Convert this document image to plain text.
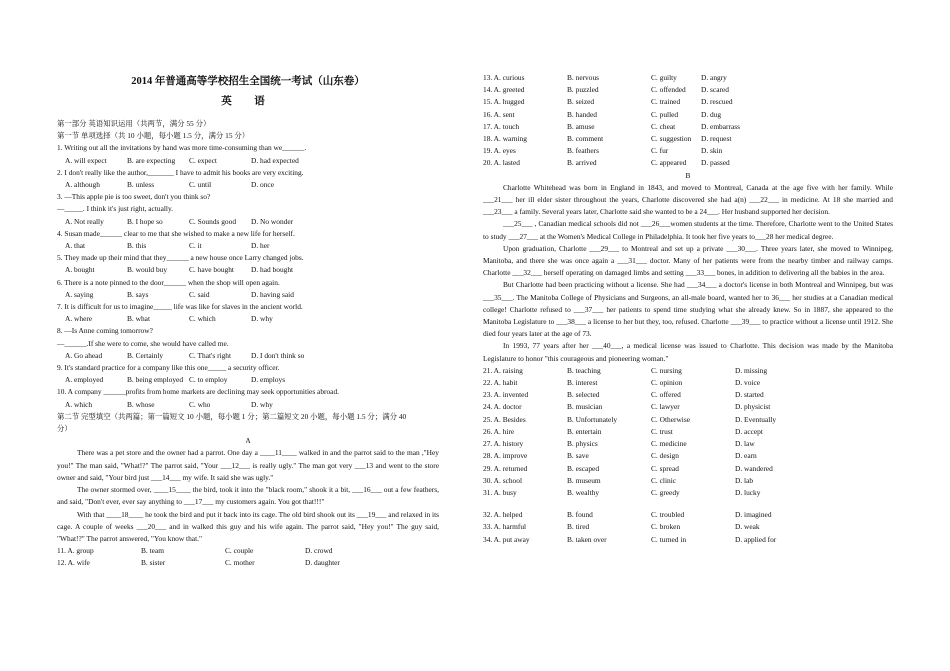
2014 年普通高等学校招生全国统一考试（山东卷）
英 语
第一部分 英语知识运用（共两节，满分 55 分）
第一节 单项选择（共 10 小题，每小题 1.5 分，满分 15 分）
1. Writing out all the invitations by hand was more time-consuming than we______.
A. will expect	B. are expecting	C. expect	D. had expected
2. I don't really like the author,_______ I have to admit his books are very exciting.
A. although	B. unless	C. until	D. once
3. —This apple pie is too sweet, don't you think so?
—_____. I think it's just right, actually.
A. Not really	B. I hope so	C. Sounds good	D. No wonder
4. Susan made______ clear to me that she wished to make a new life for herself.
A. that	B. this	C. it	D. her
5. They made up their mind that they______ a new house once Larry changed jobs.
A. bought	B. would buy	C. have bought	D. had bought
6. There is a note pinned to the door______ when the shop will open again.
A. saying	B. says	C. said	D. having said
7. It is difficult for us to imagine_____ life was like for slaves in the ancient world.
A. where	B. what	C. which	D. why
8. —Is Anne coming tomorrow?
—______.If she were to come, she would have called me.
A. Go ahead	B. Certainly	C. That's right	D. I don't think so
9. It's standard practice for a company like this one_____ a security officer.
A. employed	B. being employed C. to employ	D. employs
10. A company ______profits from home markets are declining may seek opportunities abroad.
A. which	B. whose	C. who	D. why
第二节 完型填空（共两篇；第一篇短文 10 小题，每小题 1 分；第二篇短文 20 小题，每小题 1.5 分；满分 40
分）
A
There was a pet store and the owner had a parrot. One day a ____11____ walked in and the parrot said to the man ,"Hey you!" The man said, "What!?" The parrot said, "Your ___12___ is really ugly." The man got very ___13 and went to the store owner and said, "Your bird just ___14___ my wife. It said she was ugly."
The owner stormed over, ____15____ the bird, took it into the "black room," shook it a bit, ___16___ out a few feathers, and said, "Don't ever, ever say anything to ___17___ my customers again. You got that!!!"
With that ____18____ he took the bird and put it back into its cage. The old bird shook out its ___19___ and relaxed in its cage. A couple of weeks ___20___ and in walked this guy and his wife again. The parrot said, "Hey you!" The guy said, "What!?" The parrot answered, "You know that."
11. A. group	B. team	C. couple	D. crowd
12. A. wife	B. sister	C. mother	D. daughter
13. A. curious	B. nervous	C. guilty	D. angry
14. A. greeted	B. puzzled	C. offended	D. scared
15. A. hugged	B. seized	C. trained	D. rescued
16. A. sent	B. handed	C. pulled	D. dug
17. A. touch	B. amuse	C. cheat	D. embarrass
18. A. warning	B. comment	C. suggestion	D. request
19. A. eyes	B. feathers	C. fur	D. skin
20. A. lasted	B. arrived	C. appeared	D. passed
B
Charlotte Whitehead was born in England in 1843, and moved to Montreal, Canada at the age five with her family. While ___21___ her ill elder sister throughout the years, Charlotte discovered she had a(n) ___22___ in medicine. At 18 she married and ___23___ a family. Several years later, Charlotte said she wanted to be a 24___. Her husband supported her decision.
___25___ , Canadian medical schools did not ___26___women students at the time. Therefore, Charlotte went to the United States to study ___27___ at the Women's Medical College in Philadelphia. It took her five years to___28 her medical degree.
Upon graduation, Charlotte ___29___ to Montreal and set up a private ___30___. Three years later, she moved to Winnipeg, Manitoba, and there she was once again a ___31___ doctor. Many of her patients were from the nearby timber and railway camps. Charlotte ___32___ herself operating on damaged limbs and setting ___33___ bones, in addition to delivering all the babies in the area.
But Charlotte had been practicing without a license. She had ___34___ a doctor's license in both Montreal and Winnipeg, but was ___35___. The Manitoba College of Physicians and Surgeons, an all-male board, wanted her to 36___ her studies at a Canadian medical college! Charlotte refused to ___37___ her patients to spend time studying what she already knew. So in 1887, she appeared to the Manitoba Legislature to ___38___ a license to her but they, too, refused. Charlotte ___39___ to practice without a license until 1912. She died four years later at the age of 73.
In 1993, 77 years after her ___40___, a medical license was issued to Charlotte. This decision was made by the Manitoba Legislature to honor "this courageous and pioneering woman."
21. A. raising	B. teaching	C. nursing	D. missing
22. A. habit	B. interest	C. opinion	D. voice
23. A. invented	B. selected	C. offered	D. started
24. A. doctor	B. musician	C. lawyer	D. physicist
25. A. Besides	B. Unfortunately	C. Otherwise	D. Eventually
26. A. hire	B. entertain	C. trust	D. accept
27. A. history	B. physics	C. medicine	D. law
28. A. improve	B. save	C. design	D. earn
29. A. returned	B. escaped	C. spread	D. wandered
30. A. school	B. museum	C. clinic	D. lab
31. A. busy	B. wealthy	C. greedy	D. lucky
32. A. helped	B. found	C. troubled	D. imagined
33. A. harmful	B. tired	C. broken	D. weak
34. A. put away	B. taken over	C. turned in	D. applied for
